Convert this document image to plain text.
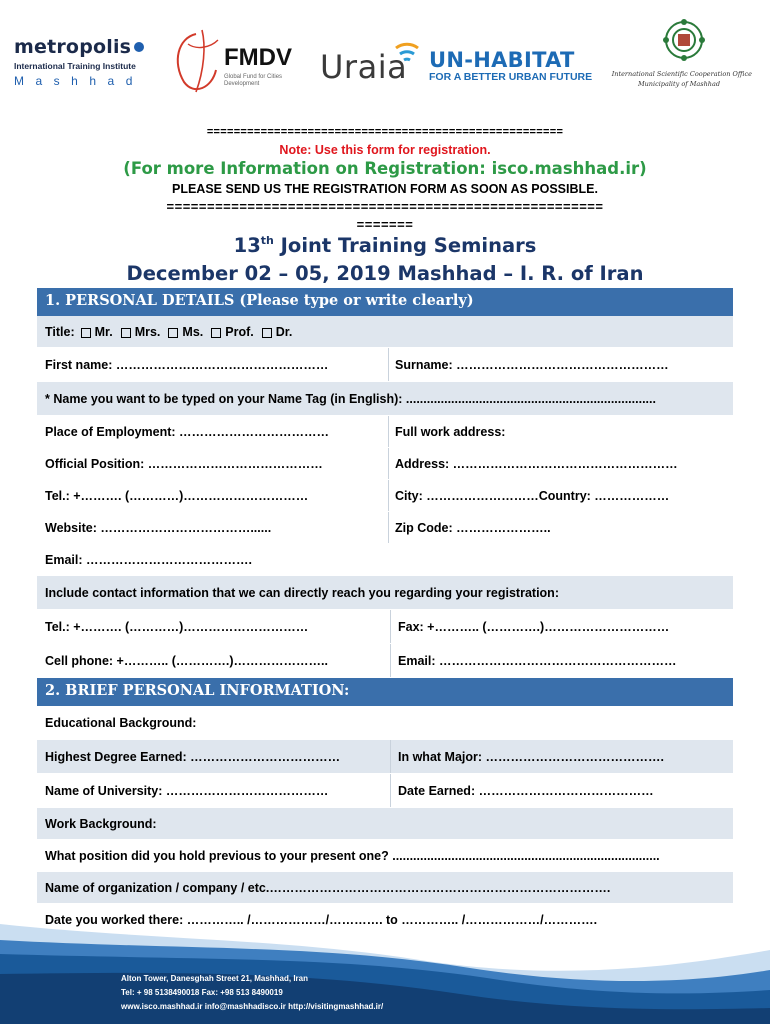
metropolis
International Training Institute
Mashhad
FMDV
Global Fund for Cities Development	Uraia UN-HABITAT
FOR A BETTER URBAN FUTURE	International Scientific Cooperation Office
Municipality of Mashhad
=====================================================
Note: Use this form for registration.
(For more Information on Registration: isco.mashhad.ir)
PLEASE SEND US THE REGISTRATION FORM AS SOON AS POSSIBLE.
======================================================
=======
13th Joint Training Seminars
December 02 – 05, 2019 Mashhad – I. R. of Iran
1. PERSONAL DETAILS (Please type or write clearly)
Title: Mr. Mrs. Ms. Prof. Dr.
First name: ……………………………………………	Surname: ……………………………………………
* Name you want to be typed on your Name Tag (in English): ........................................................................
Place of Employment: ………………………………	Full work address:
Official Position: ……………………………………	Address: ………………………………………………
Tel.: +………. (…………)…………………………	City: ………………………Country: ………………
Website: ………………………………......	Zip Code: …………………..
Email: ………………………………….
Include contact information that we can directly reach you regarding your registration:
Tel.: +………. (…………)…………………………	Fax: +……….. (………….)…………………………
Cell phone: +……….. (………….)…………………..	Email: …………………………………………………
2. BRIEF PERSONAL INFORMATION:
Educational Background:
Highest Degree Earned: ………………………………	In what Major: …………………………………….
Name of University: …………………………………	Date Earned: ……………………………………
Work Background:
What position did you hold previous to your present one? .............................................................................
Name of organization / company / etc.……………………………………………………………………….
Date you worked there: ………….. /………………/…………. to ………….. /………………/………….
Alton Tower, Danesghah Street 21, Mashhad, Iran
Tel: + 98 5138490018 Fax: +98 513 8490019
www.isco.mashhad.ir info@mashhadisco.ir http://visitingmashhad.ir/
